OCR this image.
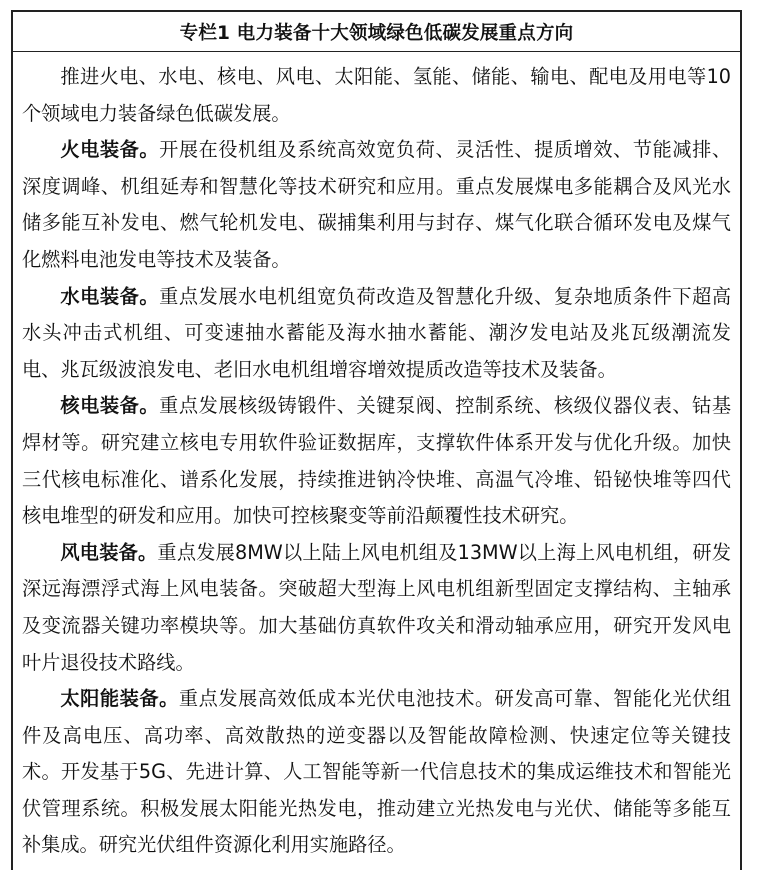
专栏1 电力装备十大领域绿色低碳发展重点方向

推进火电、水电、核电、风电、太阳能、氢能、储能、输电、配电及用电等10个领域电力装备绿色低碳发展。

火电装备。开展在役机组及系统高效宽负荷、灵活性、提质增效、节能减排、深度调峰、机组延寿和智慧化等技术研究和应用。重点发展煤电多能耦合及风光水储多能互补发电、燃气轮机发电、碳捕集利用与封存、煤气化联合循环发电及煤气化燃料电池发电等技术及装备。

水电装备。重点发展水电机组宽负荷改造及智慧化升级、复杂地质条件下超高水头冲击式机组、可变速抽水蓄能及海水抽水蓄能、潮汐发电站及兆瓦级潮流发电、兆瓦级波浪发电、老旧水电机组增容增效提质改造等技术及装备。

核电装备。重点发展核级铸锻件、关键泵阀、控制系统、核级仪器仪表、钴基焊材等。研究建立核电专用软件验证数据库，支撑软件体系开发与优化升级。加快三代核电标准化、谱系化发展，持续推进钠冷快堆、高温气冷堆、铅铋快堆等四代核电堆型的研发和应用。加快可控核聚变等前沿颠覆性技术研究。

风电装备。重点发展8MW以上陆上风电机组及13MW以上海上风电机组，研发深远海漂浮式海上风电装备。突破超大型海上风电机组新型固定支撑结构、主轴承及变流器关键功率模块等。加大基础仿真软件攻关和滑动轴承应用，研究开发风电叶片退役技术路线。

太阳能装备。重点发展高效低成本光伏电池技术。研发高可靠、智能化光伏组件及高电压、高功率、高效散热的逆变器以及智能故障检测、快速定位等关键技术。开发基于5G、先进计算、人工智能等新一代信息技术的集成运维技术和智能光伏管理系统。积极发展太阳能光热发电，推动建立光热发电与光伏、储能等多能互补集成。研究光伏组件资源化利用实施路径。
